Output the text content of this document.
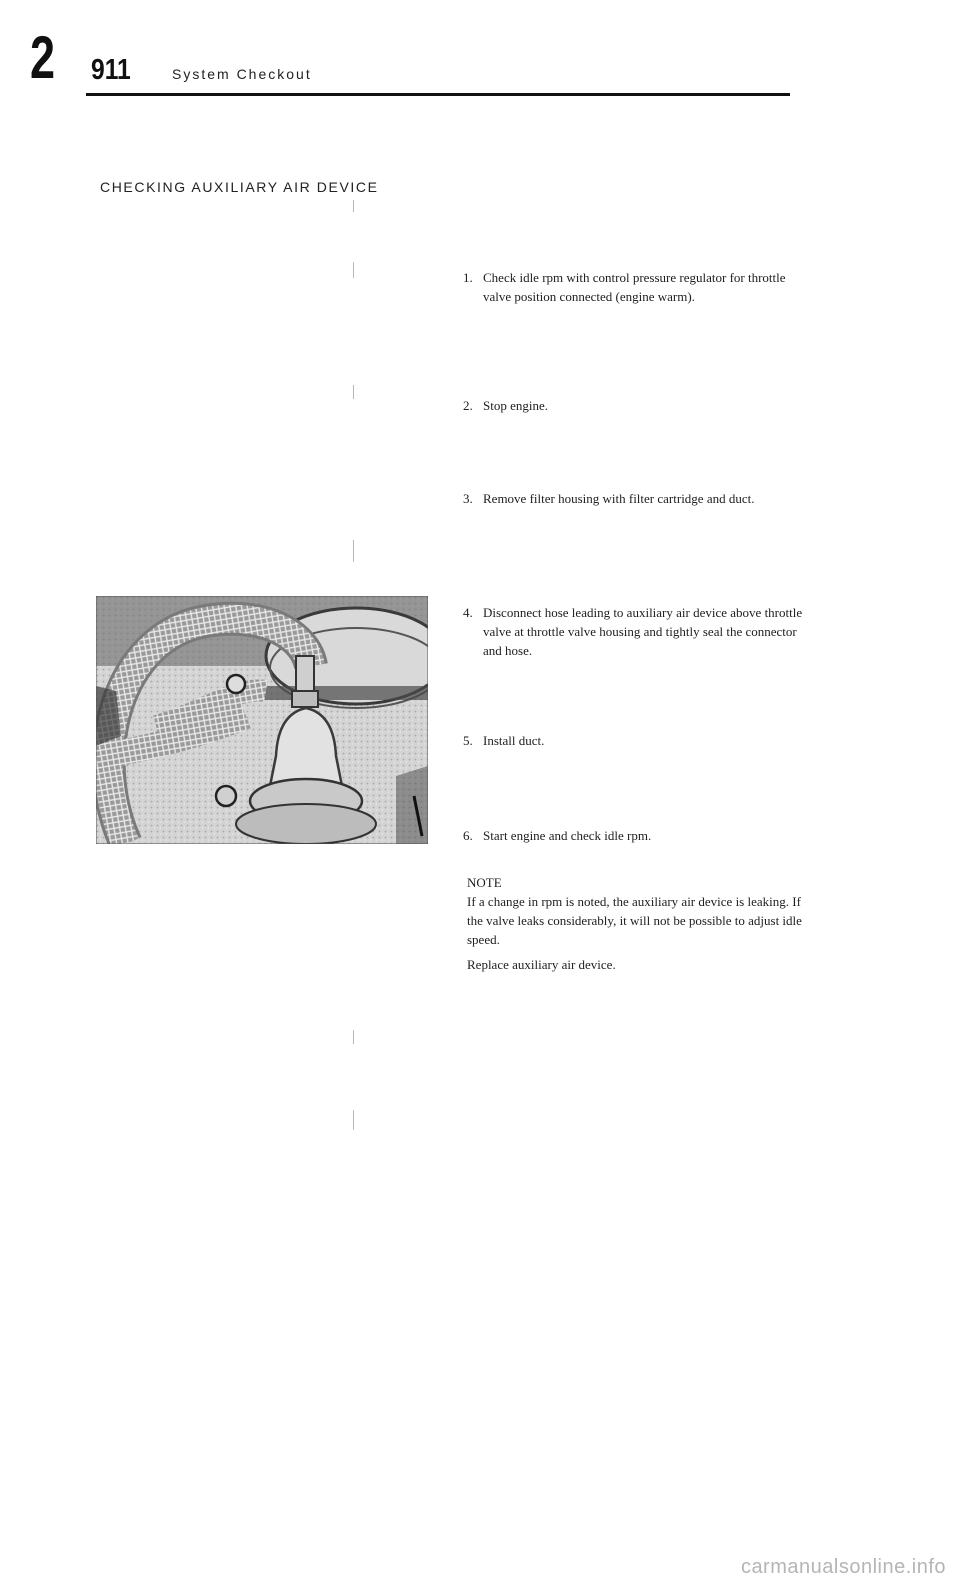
2 911	System Checkout
CHECKING AUXILIARY AIR DEVICE
1. Check idle rpm with control pressure regulator for throttle valve position connected (engine warm).
2. Stop engine.
3. Remove filter housing with filter cartridge and duct.
4. Disconnect hose leading to auxiliary air device above throttle valve at throttle valve housing and tightly seal the connector and hose.
5. Install duct.
6. Start engine and check idle rpm.
NOTE
If a change in rpm is noted, the auxiliary air device is leaking. If the valve leaks considerably, it will not be possible to adjust idle speed.
Replace auxiliary air device.
carmanualsonline.info
